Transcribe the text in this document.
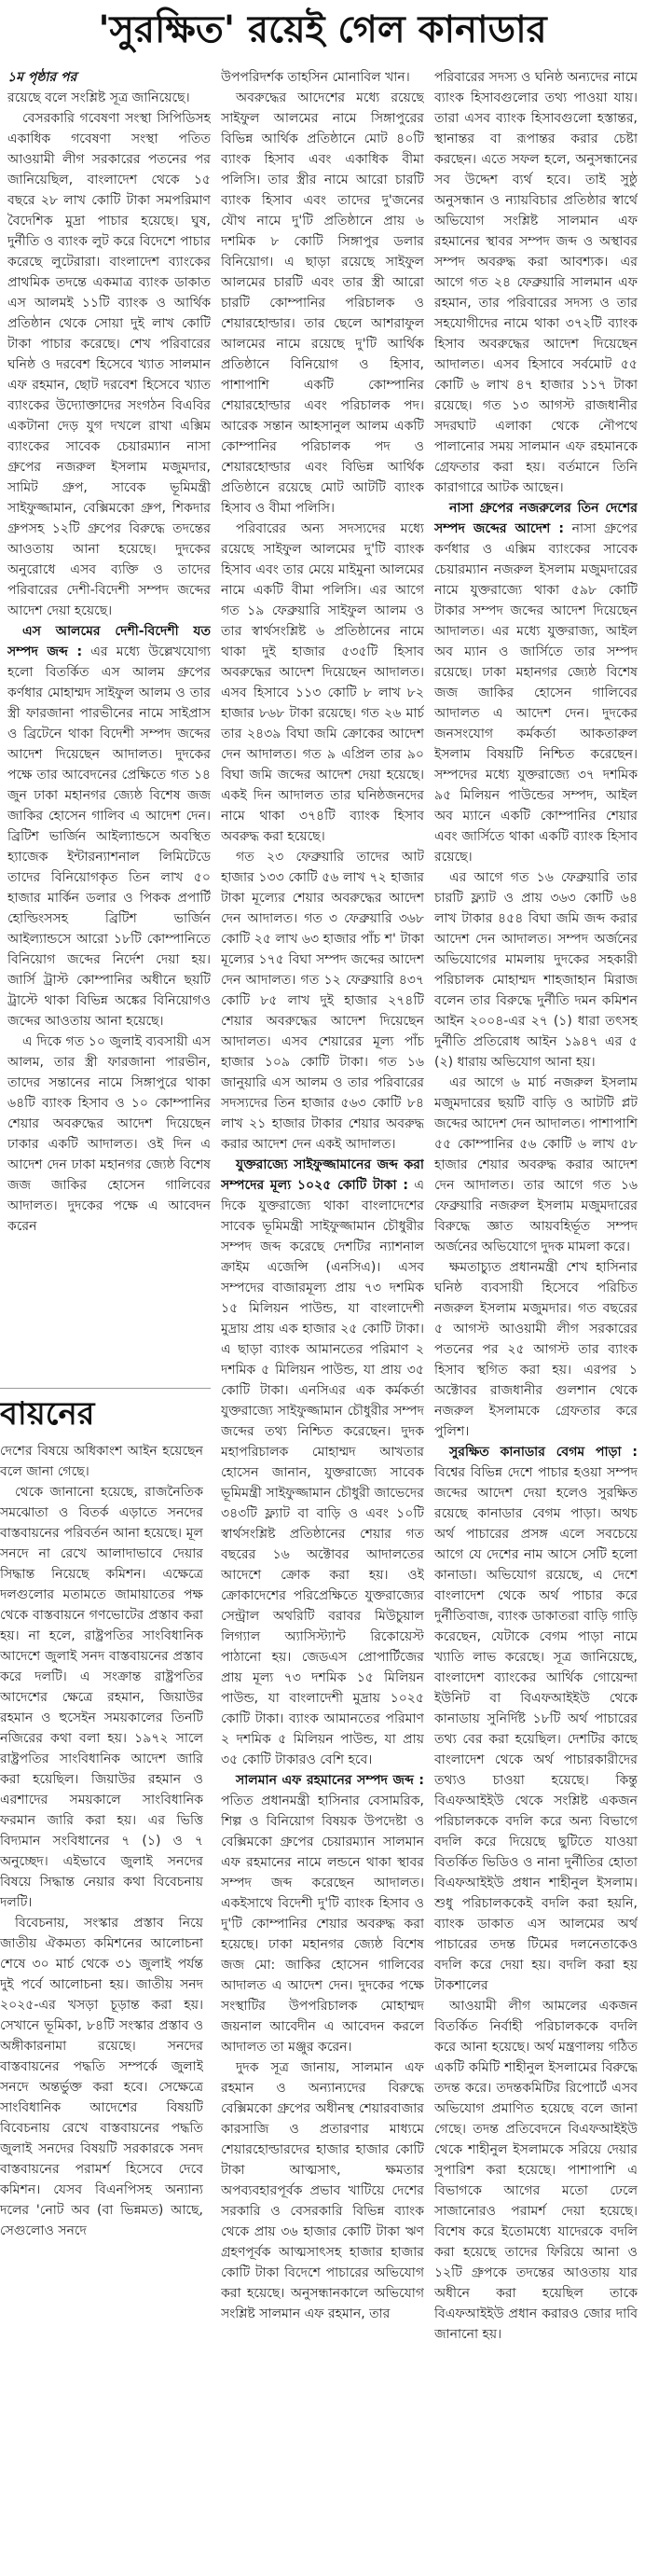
'সুরক্ষিত' রয়েই গেল কানাডার
১ম পৃষ্ঠার পর

রয়েছে বলে সংশ্লিষ্ট সূত্র জানিয়েছে।

বেসরকারি গবেষণা সংস্থা সিপিডিসহ একাধিক গবেষণা সংস্থা পতিত আওয়ামী লীগ সরকারের পতনের পর জানিয়েছিল, বাংলাদেশ থেকে ১৫ বছরে ২৮ লাখ কোটি টাকা সমপরিমাণ বৈদেশিক মুদ্রা পাচার হয়েছে। ঘুষ, দুর্নীতি ও ব্যাংক লুট করে বিদেশে পাচার করেছে লুটেরারা। বাংলাদেশ ব্যাংকের প্রাথমিক তদন্তে একমাত্র ব্যাংক ডাকাত এস আলমই ১১টি ব্যাংক ও আর্থিক প্রতিষ্ঠান থেকে সোয়া দুই লাখ কোটি টাকা পাচার করেছে। শেখ পরিবারের ঘনিষ্ঠ ও দরবেশ হিসেবে খ্যাত সালমান এফ রহমান, ছোট দরবেশ হিসেবে খ্যাত ব্যাংকের উদ্যোক্তাদের সংগঠন বিএবির একটানা দেড় যুগ দখলে রাখা এক্সিম ব্যাংকের সাবেক চেয়ারম্যান নাসা গ্রুপের নজরুল ইসলাম মজুমদার, সামিট গ্রুপ, সাবেক ভূমিমন্ত্রী সাইফুজ্জামান, বেক্সিমকো গ্রুপ, শিকদার গ্রুপসহ ১২টি গ্রুপের বিরুদ্ধে তদন্তের আওতায় আনা হয়েছে। দুদকের অনুরোধে এসব ব্যক্তি ও তাদের পরিবারের দেশী-বিদেশী সম্পদ জব্দের আদেশ দেয়া হয়েছে।

এস আলমের দেশী-বিদেশী যত সম্পদ জব্দ : এর মধ্যে উল্লেখযোগ্য হলো বিতর্কিত এস আলম গ্রুপের কর্ণধার মোহাম্মদ সাইফুল আলম ও তার স্ত্রী ফারজানা পারভীনের নামে সাইপ্রাস ও ব্রিটেনে থাকা বিদেশী সম্পদ জব্দের আদেশ দিয়েছেন আদালত। দুদকের পক্ষে তার আবেদনের প্রেক্ষিতে গত ১৪ জুন ঢাকা মহানগর জ্যেষ্ঠ বিশেষ জজ জাকির হোসেন গালিব এ আদেশ দেন। ব্রিটিশ ভার্জিন আইল্যান্ডসে অবস্থিত হ্যাজেক ইন্টারন্যাশনাল লিমিটেডে তাদের বিনিয়োগকৃত তিন লাখ ৫০ হাজার মার্কিন ডলার ও পিকক প্রপার্টি হোল্ডিংসসহ ব্রিটিশ ভার্জিন আইল্যান্ডসে আরো ১৮টি কোম্পানিতে বিনিয়োগ জব্দের নির্দেশ দেয়া হয়। জার্সি ট্রাস্ট কোম্পানির অধীনে ছয়টি ট্রাস্টে থাকা বিভিন্ন অঙ্কের বিনিয়োগও জব্দের আওতায় আনা হয়েছে।

এ দিকে গত ১০ জুলাই ব্যবসায়ী এস আলম, তার স্ত্রী ফারজানা পারভীন, তাদের সন্তানের নামে সিঙ্গাপুরে থাকা ৬৪টি ব্যাংক হিসাব ও ১০ কোম্পানির শেয়ার অবরুদ্ধের আদেশ দিয়েছেন ঢাকার একটি আদালত। ওই দিন এ আদেশ দেন ঢাকা মহানগর জ্যেষ্ঠ বিশেষ জজ জাকির হোসেন গালিবের আদালত। দুদকের পক্ষে এ আবেদন করেন

বায়নের

দেশের বিষয়ে অধিকাংশ আইন হয়েছেন বলে জানা গেছে।

থেকে জানানো হয়েছে, রাজনৈতিক সমঝোতা ও বিতর্ক এড়াতে সনদের বাস্তবায়নের পরিবর্তন আনা হয়েছে। মূল সনদে না রেখে আলাদাভাবে দেয়ার সিদ্ধান্ত নিয়েছে কমিশন। এক্ষেত্রে দলগুলোর মতামতে জামায়াতের পক্ষ থেকে বাস্তবায়নে গণভোটের প্রস্তাব করা হয়। না হলে, রাষ্ট্রপতির সাংবিধানিক আদেশে জুলাই সনদ বাস্তবায়নের প্রস্তাব করে দলটি। এ সংক্রান্ত রাষ্ট্রপতির আদেশের ক্ষেত্রে রহমান, জিয়াউর রহমান ও হুসেইন সময়কালের তিনটি নজিরের কথা বলা হয়। ১৯৭২ সালে রাষ্ট্রপতির সাংবিধানিক আদেশ জারি করা হয়েছিল। জিয়াউর রহমান ও এরশাদের সময়কালে সাংবিধানিক ফরমান জারি করা হয়। এর ভিত্তি বিদ্যমান সংবিধানের ৭ (১) ও ৭ অনুচ্ছেদ। এইভাবে জুলাই সনদের বিষয়ে সিদ্ধান্ত নেয়ার কথা বিবেচনায় দলটি।

বিবেচনায়, সংস্কার প্রস্তাব নিয়ে জাতীয় ঐকমত্য কমিশনের আলোচনা শেষে ৩০ মার্চ থেকে ৩১ জুলাই পর্যন্ত দুই পর্বে আলোচনা হয়। জাতীয় সনদ ২০২৫-এর খসড়া চূড়ান্ত করা হয়। সেখানে ভূমিকা, ৮৪টি সংস্কার প্রস্তাব ও অঙ্গীকারনামা রয়েছে। সনদের বাস্তবায়নের পদ্ধতি সম্পর্কে জুলাই সনদে অন্তর্ভুক্ত করা হবে। সেক্ষেত্রে সাংবিধানিক আদেশের বিষয়টি বিবেচনায় রেখে বাস্তবায়নের পদ্ধতি জুলাই সনদের বিষয়টি সরকারকে সনদ বাস্তবায়নের পরামর্শ হিসেবে দেবে কমিশন। যেসব বিএনপিসহ অন্যান্য দলের 'নোট অব (বা ভিন্নমত) আছে, সেগুলোও সনদে

উপপরিদর্শক তাহসিন মোনাবিল খান।

অবরুদ্ধের আদেশের মধ্যে রয়েছে সাইফুল আলমের নামে সিঙ্গাপুরের বিভিন্ন আর্থিক প্রতিষ্ঠানে মোট ৪০টি ব্যাংক হিসাব এবং একাধিক বীমা পলিসি। তার স্ত্রীর নামে আরো চারটি ব্যাংক হিসাব এবং তাদের দু'জনের যৌথ নামে দু'টি প্রতিষ্ঠানে প্রায় ৬ দশমিক ৮ কোটি সিঙ্গাপুর ডলার বিনিয়োগ। এ ছাড়া রয়েছে সাইফুল আলমের চারটি এবং তার স্ত্রী আরো চারটি কোম্পানির পরিচালক ও শেয়ারহোল্ডার। তার ছেলে আশরাফুল আলমের নামে রয়েছে দু'টি আর্থিক প্রতিষ্ঠানে বিনিয়োগ ও হিসাব, পাশাপাশি একটি কোম্পানির শেয়ারহোল্ডার এবং পরিচালক পদ। আরেক সন্তান আহসানুল আলম একটি কোম্পানির পরিচালক পদ ও শেয়ারহোল্ডার এবং বিভিন্ন আর্থিক প্রতিষ্ঠানে রয়েছে মোট আটটি ব্যাংক হিসাব ও বীমা পলিসি।

পরিবারের অন্য সদস্যদের মধ্যে রয়েছে সাইফুল আলমের দু'টি ব্যাংক হিসাব এবং তার মেয়ে মাইমুনা আলমের নামে একটি বীমা পলিসি। এর আগে গত ১৯ ফেব্রুয়ারি সাইফুল আলম ও তার স্বার্থসংশ্লিষ্ট ৬ প্রতিষ্ঠানের নামে থাকা দুই হাজার ৫৩৫টি হিসাব অবরুদ্ধের আদেশ দিয়েছেন আদালত। এসব হিসাবে ১১৩ কোটি ৮ লাখ ৮২ হাজার ৮৬৮ টাকা রয়েছে। গত ২৬ মার্চ তার ২৪৩৯ বিঘা জমি ক্রোকের আদেশ দেন আদালত। গত ৯ এপ্রিল তার ৯০ বিঘা জমি জব্দের আদেশ দেয়া হয়েছে। একই দিন আদালত তার ঘনিষ্ঠজনদের নামে থাকা ৩৭৪টি ব্যাংক হিসাব অবরুদ্ধ করা হয়েছে।

গত ২৩ ফেব্রুয়ারি তাদের আট হাজার ১৩৩ কোটি ৫৬ লাখ ৭২ হাজার টাকা মূল্যের শেয়ার অবরুদ্ধের আদেশ দেন আদালত। গত ৩ ফেব্রুয়ারি ৩৬৮ কোটি ২৫ লাখ ৬৩ হাজার পাঁচ শ' টাকা মূল্যের ১৭৫ বিঘা সম্পদ জব্দের আদেশ দেন আদালত। গত ১২ ফেব্রুয়ারি ৪৩৭ কোটি ৮৫ লাখ দুই হাজার ২৭৪টি শেয়ার অবরুদ্ধের আদেশ দিয়েছেন আদালত। এসব শেয়ারের মূল্য পাঁচ হাজার ১০৯ কোটি টাকা। গত ১৬ জানুয়ারি এস আলম ও তার পরিবারের সদস্যদের তিন হাজার ৫৬৩ কোটি ৮৪ লাখ ২১ হাজার টাকার শেয়ার অবরুদ্ধ করার আদেশ দেন একই আদালত।

যুক্তরাজ্যে সাইফুজ্জামানের জব্দ করা সম্পদের মূল্য ১০২৫ কোটি টাকা : এ দিকে যুক্তরাজ্যে থাকা বাংলাদেশের সাবেক ভূমিমন্ত্রী সাইফুজ্জামান চৌধুরীর সম্পদ জব্দ করেছে দেশটির ন্যাশনাল ক্রাইম এজেন্সি (এনসিএ)। এসব সম্পদের বাজারমূল্য প্রায় ৭৩ দশমিক ১৫ মিলিয়ন পাউন্ড, যা বাংলাদেশী মুদ্রায় প্রায় এক হাজার ২৫ কোটি টাকা। এ ছাড়া ব্যাংক আমানতের পরিমাণ ২ দশমিক ৫ মিলিয়ন পাউন্ড, যা প্রায় ৩৫ কোটি টাকা। এনসিএর এক কর্মকর্তা যুক্তরাজ্যে সাইফুজ্জামান চৌধুরীর সম্পদ জব্দের তথ্য নিশ্চিত করেছেন। দুদক মহাপরিচালক মোহাম্মদ আখতার হোসেন জানান, যুক্তরাজ্যে সাবেক ভূমিমন্ত্রী সাইফুজ্জামান চৌধুরী জাভেদের ৩৪৩টি ফ্ল্যাট বা বাড়ি ও এবং ১০টি স্বার্থসংশ্লিষ্ট প্রতিষ্ঠানের শেয়ার গত বছরের ১৬ অক্টোবর আদালতের আদেশে ক্রোক করা হয়। ওই ক্রোকাদেশের পরিপ্রেক্ষিতে যুক্তরাজ্যের সেন্ট্রাল অথরিটি বরাবর মিউচুয়াল লিগ্যাল অ্যাসিস্ট্যান্ট রিকোয়েস্ট পাঠানো হয়। জেডএস প্রোপার্টিজের প্রায় মূল্য ৭৩ দশমিক ১৫ মিলিয়ন পাউন্ড, যা বাংলাদেশী মুদ্রায় ১০২৫ কোটি টাকা। ব্যাংক আমানতের পরিমাণ ২ দশমিক ৫ মিলিয়ন পাউন্ড, যা প্রায় ৩৫ কোটি টাকারও বেশি হবে।

সালমান এফ রহমানের সম্পদ জব্দ : পতিত প্রধানমন্ত্রী হাসিনার বেসামরিক, শিল্প ও বিনিয়োগ বিষয়ক উপদেষ্টা ও বেক্সিমকো গ্রুপের চেয়ারম্যান সালমান এফ রহমানের নামে লন্ডনে থাকা স্থাবর সম্পদ জব্দ করেছেন আদালত। একইসাথে বিদেশী দু'টি ব্যাংক হিসাব ও দু'টি কোম্পানির শেয়ার অবরুদ্ধ করা হয়েছে। ঢাকা মহানগর জ্যেষ্ঠ বিশেষ জজ মো: জাকির হোসেন গালিবের আদালত এ আদেশ দেন। দুদকের পক্ষে সংস্থাটির উপপরিচালক মোহাম্মদ জয়নাল আবেদীন এ আবেদন করলে আদালত তা মঞ্জুর করেন।

দুদক সূত্র জানায়, সালমান এফ রহমান ও অন্যান্যদের বিরুদ্ধে বেক্সিমকো গ্রুপের অধীনস্থ শেয়ারবাজার কারসাজি ও প্রতারণার মাধ্যমে শেয়ারহোল্ডারদের হাজার হাজার কোটি টাকা আত্মসাৎ, ক্ষমতার অপব্যবহারপূর্বক প্রভাব খাটিয়ে দেশের সরকারি ও বেসরকারি বিভিন্ন ব্যাংক থেকে প্রায় ৩৬ হাজার কোটি টাকা ঋণ গ্রহণপূর্বক আত্মসাৎসহ হাজার হাজার কোটি টাকা বিদেশে পাচারের অভিযোগ করা হয়েছে। অনুসন্ধানকালে অভিযোগ সংশ্লিষ্ট সালমান এফ রহমান, তার

পরিবারের সদস্য ও ঘনিষ্ঠ অন্যদের নামে ব্যাংক হিসাবগুলোর তথ্য পাওয়া যায়। তারা এসব ব্যাংক হিসাবগুলো হস্তান্তর, স্থানান্তর বা রূপান্তর করার চেষ্টা করছেন। এতে সফল হলে, অনুসন্ধানের সব উদ্দেশ ব্যর্থ হবে। তাই সুষ্ঠু অনুসন্ধান ও ন্যায়বিচার প্রতিষ্ঠার স্বার্থে অভিযোগ সংশ্লিষ্ট সালমান এফ রহমানের স্থাবর সম্পদ জব্দ ও অস্থাবর সম্পদ অবরুদ্ধ করা আবশ্যক। এর আগে গত ২৪ ফেব্রুয়ারি সালমান এফ রহমান, তার পরিবারের সদস্য ও তার সহযোগীদের নামে থাকা ৩৭২টি ব্যাংক হিসাব অবরুদ্ধের আদেশ দিয়েছেন আদালত। এসব হিসাবে সর্বমোট ৫৫ কোটি ৬ লাখ ৪৭ হাজার ১১৭ টাকা রয়েছে। গত ১৩ আগস্ট রাজধানীর সদরঘাট এলাকা থেকে নৌপথে পালানোর সময় সালমান এফ রহমানকে গ্রেফতার করা হয়। বর্তমানে তিনি কারাগারে আটক আছেন।

নাসা গ্রুপের নজরুলের তিন দেশের সম্পদ জব্দের আদেশ : নাসা গ্রুপের কর্ণধার ও এক্সিম ব্যাংকের সাবেক চেয়ারম্যান নজরুল ইসলাম মজুমদারের নামে যুক্তরাজ্যে থাকা ৫৯৮ কোটি টাকার সম্পদ জব্দের আদেশ দিয়েছেন আদালত। এর মধ্যে যুক্তরাজ্য, আইল অব ম্যান ও জার্সিতে তার সম্পদ রয়েছে। ঢাকা মহানগর জ্যেষ্ঠ বিশেষ জজ জাকির হোসেন গালিবের আদালত এ আদেশ দেন। দুদকের জনসংযোগ কর্মকর্তা আকতারুল ইসলাম বিষয়টি নিশ্চিত করেছেন। সম্পদের মধ্যে যুক্তরাজ্যে ৩৭ দশমিক ৯৫ মিলিয়ন পাউন্ডের সম্পদ, আইল অব ম্যানে একটি কোম্পানির শেয়ার এবং জার্সিতে থাকা একটি ব্যাংক হিসাব রয়েছে।

এর আগে গত ১৬ ফেব্রুয়ারি তার চারটি ফ্ল্যাট ও প্রায় ৩৬৩ কোটি ৬৪ লাখ টাকার ৪৫৪ বিঘা জমি জব্দ করার আদেশ দেন আদালত। সম্পদ অর্জনের অভিযোগের মামলায় দুদকের সহকারী পরিচালক মোহাম্মদ শাহজাহান মিরাজ বলেন তার বিরুদ্ধে দুর্নীতি দমন কমিশন আইন ২০০৪-এর ২৭ (১) ধারা তৎসহ দুর্নীতি প্রতিরোধ আইন ১৯৪৭ এর ৫ (২) ধারায় অভিযোগ আনা হয়।

এর আগে ৬ মার্চ নজরুল ইসলাম মজুমদারের ছয়টি বাড়ি ও আটটি প্লট জব্দের আদেশ দেন আদালত। পাশাপাশি ৫৫ কোম্পানির ৫৬ কোটি ৬ লাখ ৫৮ হাজার শেয়ার অবরুদ্ধ করার আদেশ দেন আদালত। তার আগে গত ১৬ ফেব্রুয়ারি নজরুল ইসলাম মজুমদারের বিরুদ্ধে জ্ঞাত আয়বহির্ভূত সম্পদ অর্জনের অভিযোগে দুদক মামলা করে।

ক্ষমতাচ্যুত প্রধানমন্ত্রী শেখ হাসিনার ঘনিষ্ঠ ব্যবসায়ী হিসেবে পরিচিত নজরুল ইসলাম মজুমদার। গত বছরের ৫ আগস্ট আওয়ামী লীগ সরকারের পতনের পর ২৫ আগস্ট তার ব্যাংক হিসাব স্থগিত করা হয়। এরপর ১ অক্টোবর রাজধানীর গুলশান থেকে নজরুল ইসলামকে গ্রেফতার করে পুলিশ।

সুরক্ষিত কানাডার বেগম পাড়া : বিশ্বের বিভিন্ন দেশে পাচার হওয়া সম্পদ জব্দের আদেশ দেয়া হলেও সুরক্ষিত রয়েছে কানাডার বেগম পাড়া। অথচ অর্থ পাচারের প্রসঙ্গ এলে সবচেয়ে আগে যে দেশের নাম আসে সেটি হলো কানাডা। অভিযোগ রয়েছে, এ দেশে বাংলাদেশ থেকে অর্থ পাচার করে দুর্নীতিবাজ, ব্যাংক ডাকাতরা বাড়ি গাড়ি করেছেন, যেটাকে বেগম পাড়া নামে খ্যাতি লাভ করেছে। সূত্র জানিয়েছে, বাংলাদেশ ব্যাংকের আর্থিক গোয়েন্দা ইউনিট বা বিএফআইইউ থেকে কানাডায় সুনির্দিষ্ট ১৮টি অর্থ পাচারের তথ্য বের করা হয়েছিল। দেশটির কাছে বাংলাদেশ থেকে অর্থ পাচারকারীদের তথ্যও চাওয়া হয়েছে। কিন্তু বিএফআইইউ থেকে সংশ্লিষ্ট একজন পরিচালককে বদলি করে অন্য বিভাগে বদলি করে দিয়েছে ছুটিতে যাওয়া বিতর্কিত ভিডিও ও নানা দুর্নীতির হোতা বিএফআইইউ প্রধান শাহীনুল ইসলাম। শুধু পরিচালককেই বদলি করা হয়নি, ব্যাংক ডাকাত এস আলমের অর্থ পাচারের তদন্ত টিমের দলনেতাকেও বদলি করে দেয়া হয়। বদলি করা হয় টাকশালের

আওয়ামী লীগ আমলের একজন বিতর্কিত নির্বাহী পরিচালককে বদলি করে আনা হয়েছে। অর্থ মন্ত্রণালয় গঠিত একটি কমিটি শাহীনুল ইসলামের বিরুদ্ধে তদন্ত করে। তদন্তকমিটির রিপোর্টে এসব অভিযোগ প্রমাণিত হয়েছে বলে জানা গেছে। তদন্ত প্রতিবেদনে বিএফআইইউ থেকে শাহীনুল ইসলামকে সরিয়ে দেয়ার সুপারিশ করা হয়েছে। পাশাপাশি এ বিভাগকে আগের মতো ঢেলে সাজানোরও পরামর্শ দেয়া হয়েছে। বিশেষ করে ইতোমধ্যে যাদেরকে বদলি করা হয়েছে তাদের ফিরিয়ে আনা ও ১২টি গ্রুপকে তদন্তের আওতায় যার অধীনে করা হয়েছিল তাকে বিএফআইইউ প্রধান করারও জোর দাবি জানানো হয়।
